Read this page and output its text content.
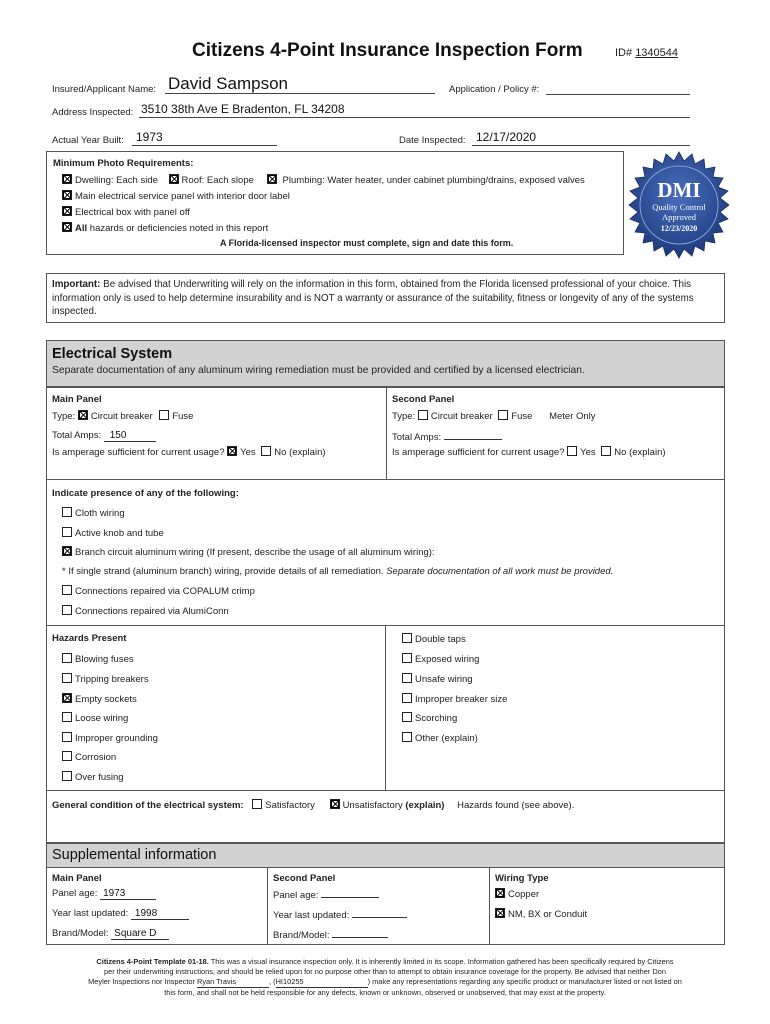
Citizens 4-Point Insurance Inspection Form	ID# 1340544
Insured/Applicant Name: David Sampson	Application / Policy #:
Address Inspected: 3510 38th Ave E Bradenton, FL 34208
Actual Year Built: 1973	Date Inspected: 12/17/2020
Minimum Photo Requirements:
Dwelling: Each side Roof: Each slope	Plumbing: Water heater, under cabinet plumbing/drains, exposed valves
Main electrical service panel with interior door label
Electrical box with panel off
All hazards or deficiencies noted in this report
A Florida-licensed inspector must complete, sign and date this form.
DMI
Quality Control
Approved
12/23/2020
Important: Be advised that Underwriting will rely on the information in this form, obtained from the Florida licensed professional of your choice. This information only is used to help determine insurability and is NOT a warranty or assurance of the suitability, fitness or longevity of any of the systems inspected.
Electrical System
Separate documentation of any aluminum wiring remediation must be provided and certified by a licensed electrician.
Main Panel
Type: Circuit breaker Fuse
Total Amps: 150
Is amperage sufficient for current usage? Yes No (explain)
Second Panel
Type: Circuit breaker Fuse Meter Only
Total Amps:
Is amperage sufficient for current usage? Yes No (explain)
Indicate presence of any of the following:
Cloth wiring
Active knob and tube
Branch circuit aluminum wiring (If present, describe the usage of all aluminum wiring):
* If single strand (aluminum branch) wiring, provide details of all remediation. Separate documentation of all work must be provided.
Connections repaired via COPALUM crimp
Connections repaired via AlumiConn
Hazards Present
Blowing fuses
Tripping breakers
Empty sockets
Loose wiring
Improper grounding
Corrosion
Over fusing
Double taps
Exposed wiring
Unsafe wiring
Improper breaker size
Scorching
Other (explain)
General condition of the electrical system: Satisfactory	Unsatisfactory (explain) Hazards found (see above).
Supplemental information
Main Panel
Panel age: 1973
Year last updated: 1998
Brand/Model: Square D
Second Panel
Panel age:
Year last updated:
Brand/Model:
Wiring Type
Copper
NM, BX or Conduit
Citizens 4-Point Template 01-18. This was a visual insurance inspection only. It is inherently limited in its scope. Information gathered has been specifically required by Citizens
per their underwriting instructions, and should be relied upon for no purpose other than to attempt to obtain insurance coverage for the property. Be advised that neither Don
Meyler Inspections nor Inspector Ryan Travis	, (HI10255	) make any representations regarding any specific product or manufacturer listed or not listed on
this form, and shall not be held responsible for any defects, known or unknown, observed or unobserved, that may exist at the property.
